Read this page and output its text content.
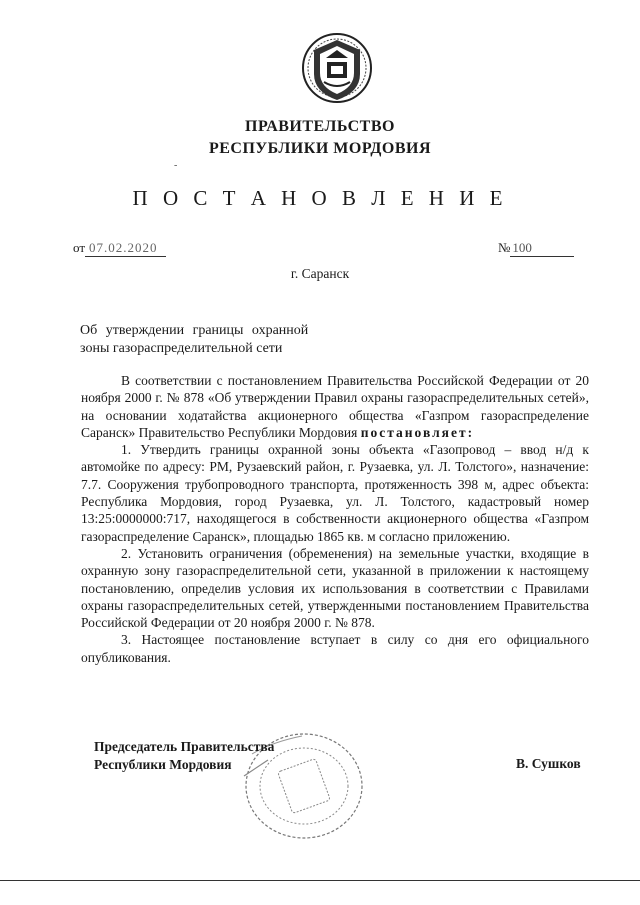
ПРАВИТЕЛЬСТВО
РЕСПУБЛИКИ МОРДОВИЯ
-
П О С Т А Н О В Л Е Н И Е
от 07.02.2020	№ 100
г. Саранск
Об утверждении границы охранной
зоны газораспределительной сети

В соответствии с постановлением Правительства Российской Федерации от 20 ноября 2000 г. № 878 «Об утверждении Правил охраны газораспределительных сетей», на основании ходатайства акционерного общества «Газпром газораспределение Саранск» Правительство Республики Мордовия постановляет:

1. Утвердить границы охранной зоны объекта «Газопровод – ввод н/д к автомойке по адресу: РМ, Рузаевский район, г. Рузаевка, ул. Л. Толстого», назначение: 7.7. Сооружения трубопроводного транспорта, протяженность 398 м, адрес объекта: Республика Мордовия, город Рузаевка, ул. Л. Толстого, кадастровый номер 13:25:0000000:717, находящегося в собственности акционерного общества «Газпром газораспределение Саранск», площадью 1865 кв. м согласно приложению.

2. Установить ограничения (обременения) на земельные участки, входящие в охранную зону газораспределительной сети, указанной в приложении к настоящему постановлению, определив условия их использования в соответствии с Правилами охраны газораспределительных сетей, утвержденными постановлением Правительства Российской Федерации от 20 ноября 2000 г. № 878.

3. Настоящее постановление вступает в силу со дня его официального опубликования.

Председатель Правительства
Республики Мордовия	В. Сушков
